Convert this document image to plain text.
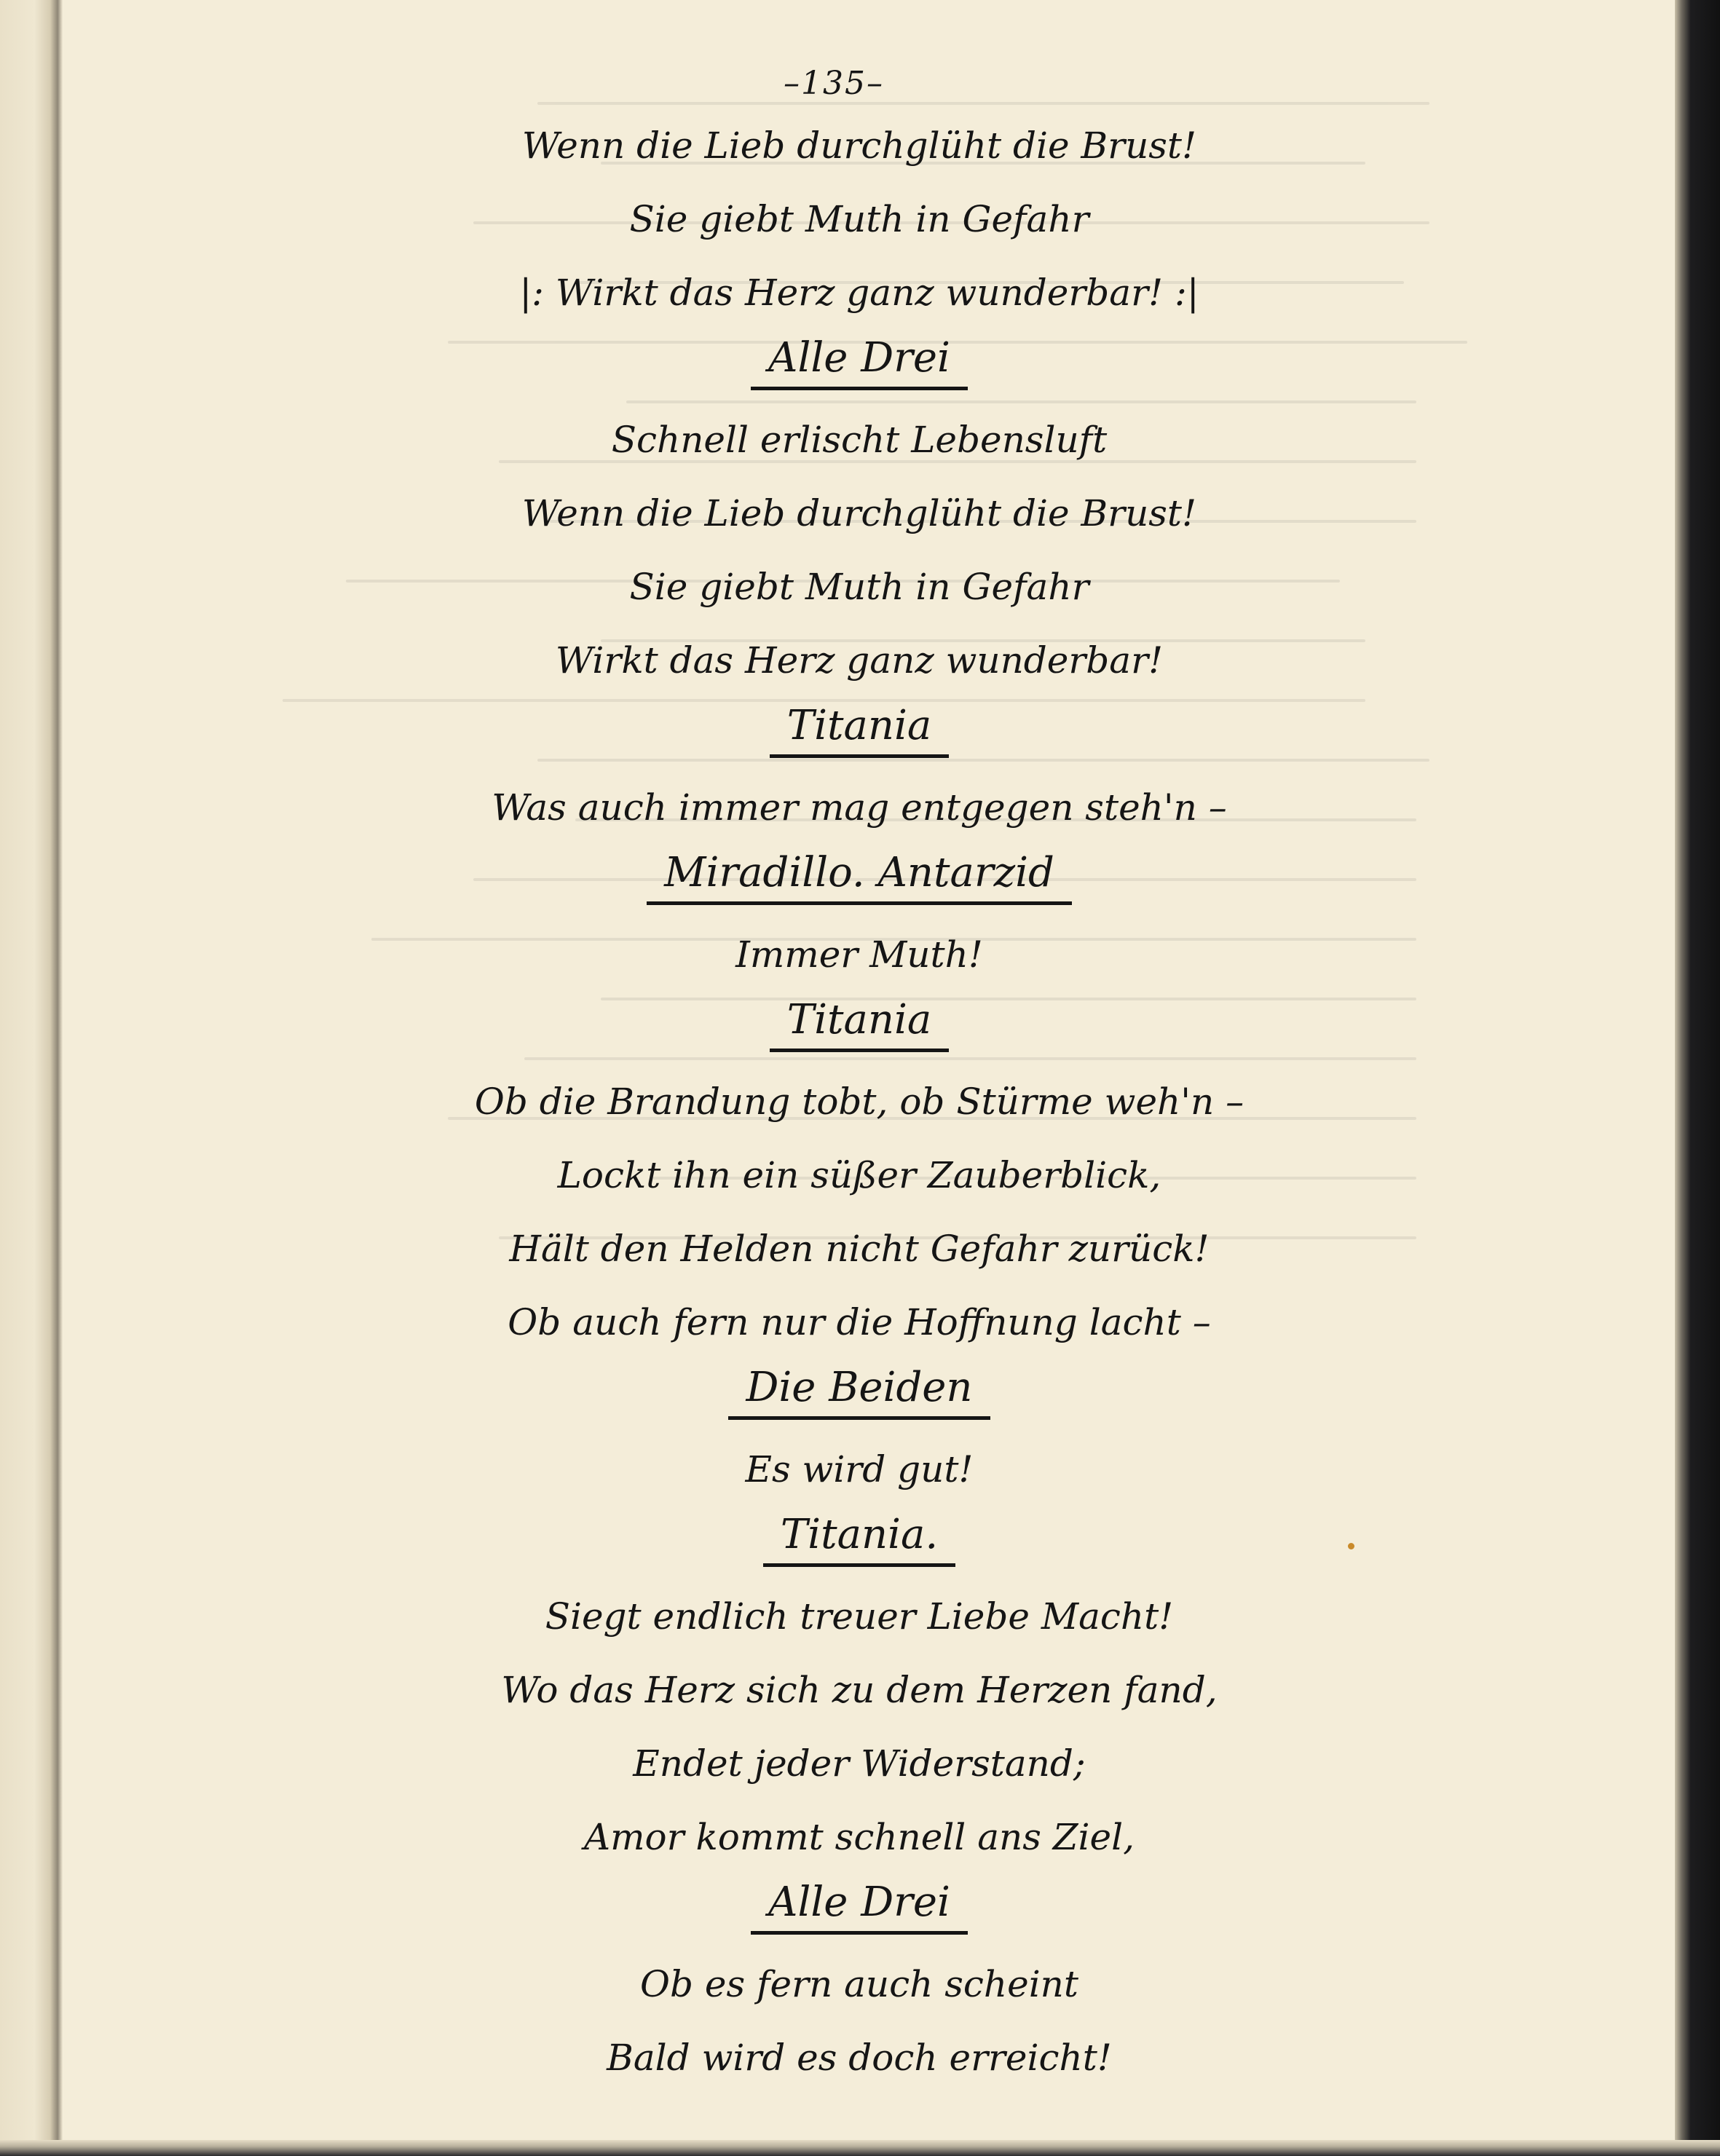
–135–
Wenn die Lieb durchglüht die Brust!
Sie giebt Muth in Gefahr
|: Wirkt das Herz ganz wunderbar! :|
Alle Drei
Schnell erlischt Lebensluft
Wenn die Lieb durchglüht die Brust!
Sie giebt Muth in Gefahr
Wirkt das Herz ganz wunderbar!
Titania
Was auch immer mag entgegen steh'n –
Miradillo. Antarzid
Immer Muth!
Titania
Ob die Brandung tobt, ob Stürme weh'n –
Lockt ihn ein süßer Zauberblick,
Hält den Helden nicht Gefahr zurück!
Ob auch fern nur die Hoffnung lacht –
Die Beiden
Es wird gut!
Titania.
Siegt endlich treuer Liebe Macht!
Wo das Herz sich zu dem Herzen fand,
Endet jeder Widerstand;
Amor kommt schnell ans Ziel,
Alle Drei
Ob es fern auch scheint
Bald wird es doch erreicht!
